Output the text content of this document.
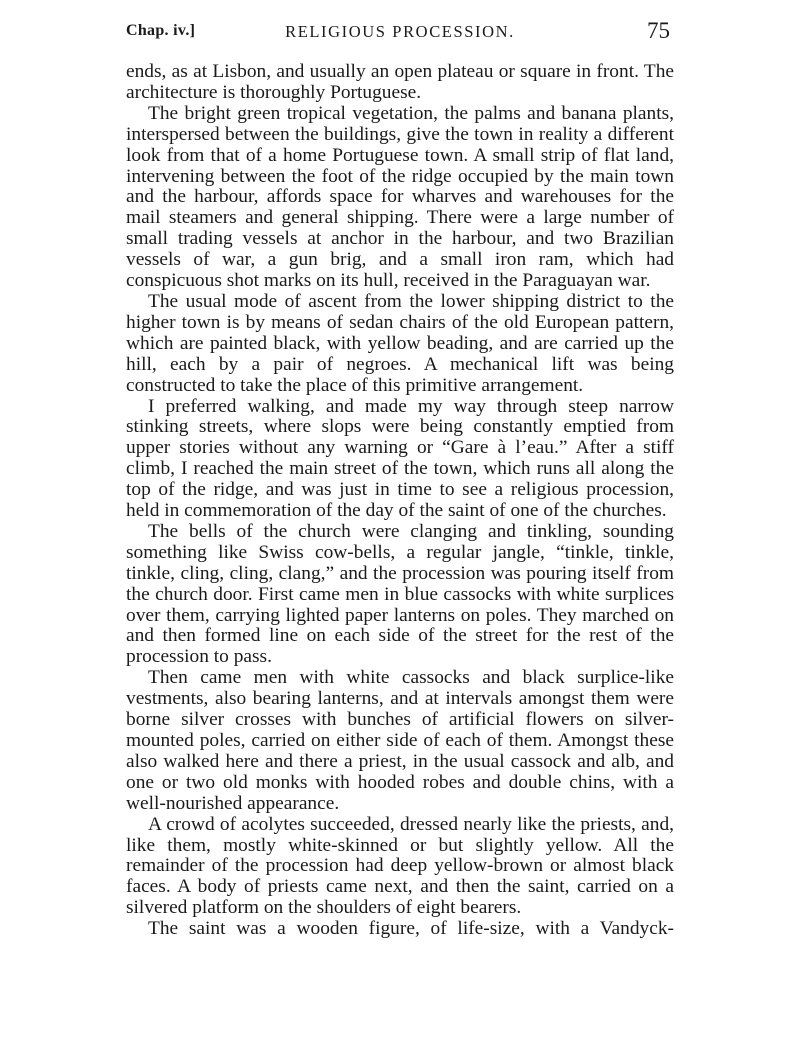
Chap. iv.]	RELIGIOUS PROCESSION.	75

ends, as at Lisbon, and usually an open plateau or square in front. The architecture is thoroughly Portuguese.

The bright green tropical vegetation, the palms and banana plants, interspersed between the buildings, give the town in reality a different look from that of a home Portuguese town. A small strip of flat land, intervening between the foot of the ridge occupied by the main town and the harbour, affords space for wharves and warehouses for the mail steamers and general shipping. There were a large number of small trading vessels at anchor in the harbour, and two Brazilian vessels of war, a gun brig, and a small iron ram, which had conspicuous shot marks on its hull, received in the Paraguayan war.

The usual mode of ascent from the lower shipping district to the higher town is by means of sedan chairs of the old European pattern, which are painted black, with yellow beading, and are carried up the hill, each by a pair of negroes. A mechanical lift was being constructed to take the place of this primitive arrangement.

I preferred walking, and made my way through steep narrow stinking streets, where slops were being constantly emptied from upper stories without any warning or “Gare à l’eau.” After a stiff climb, I reached the main street of the town, which runs all along the top of the ridge, and was just in time to see a religious procession, held in commemoration of the day of the saint of one of the churches.

The bells of the church were clanging and tinkling, sounding something like Swiss cow-bells, a regular jangle, “tinkle, tinkle, tinkle, cling, cling, clang,” and the procession was pouring itself from the church door. First came men in blue cassocks with white surplices over them, carrying lighted paper lanterns on poles. They marched on and then formed line on each side of the street for the rest of the procession to pass.

Then came men with white cassocks and black surplice-like vestments, also bearing lanterns, and at intervals amongst them were borne silver crosses with bunches of artificial flowers on silver-mounted poles, carried on either side of each of them. Amongst these also walked here and there a priest, in the usual cassock and alb, and one or two old monks with hooded robes and double chins, with a well-nourished appearance.

A crowd of acolytes succeeded, dressed nearly like the priests, and, like them, mostly white-skinned or but slightly yellow. All the remainder of the procession had deep yellow-brown or almost black faces. A body of priests came next, and then the saint, carried on a silvered platform on the shoulders of eight bearers.

The saint was a wooden figure, of life-size, with a Vandyck-
